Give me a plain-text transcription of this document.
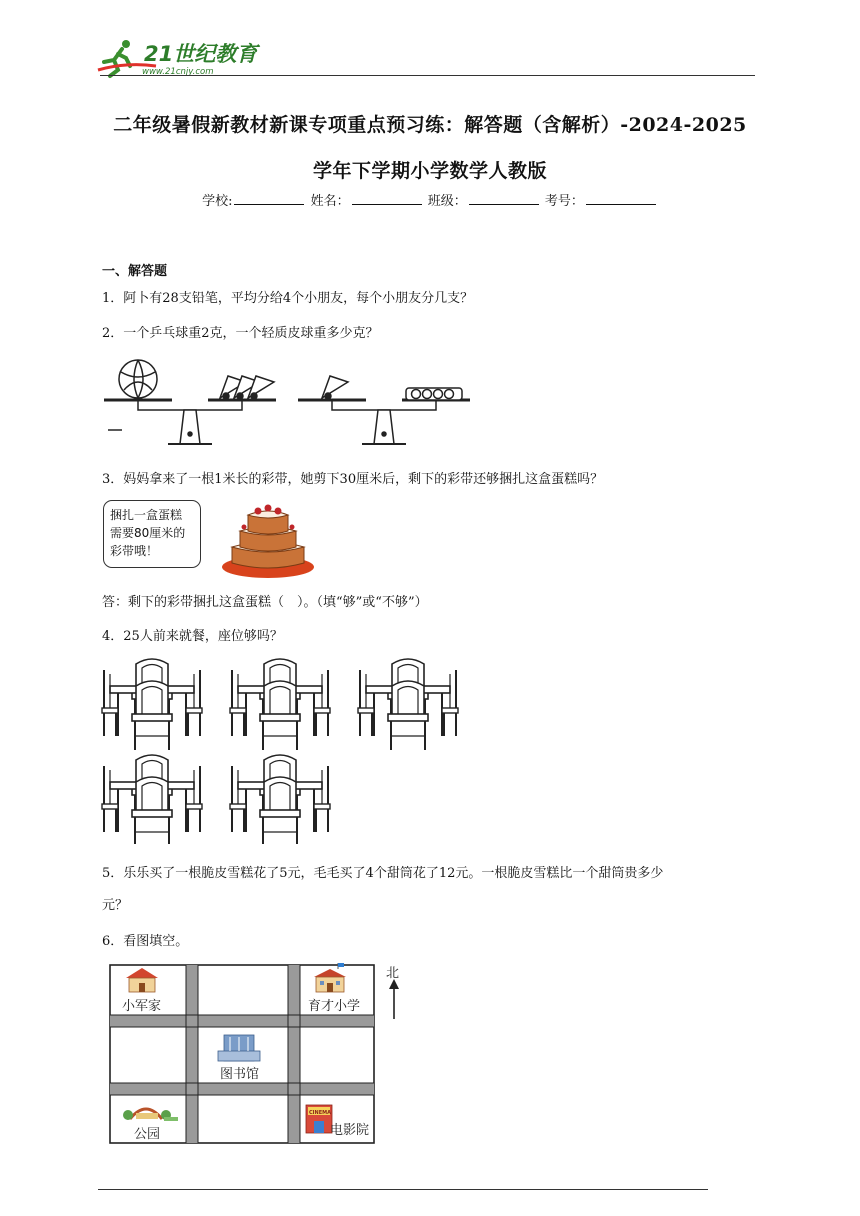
21世纪教育
www.21cnjy.com
二年级暑假新教材新课专项重点预习练：解答题（含解析）-2024-2025
学年下学期小学数学人教版
学校:	姓名：	班级：	考号：
一、解答题
1．阿卜有28支铅笔，平均分给4个小朋友，每个小朋友分几支？
2．一个乒乓球重2克，一个轻质皮球重多少克？
3．妈妈拿来了一根1米长的彩带，她剪下30厘米后，剩下的彩带还够捆扎这盒蛋糕吗？
捆扎一盒蛋糕
需要80厘米的
彩带哦！
答：剩下的彩带捆扎这盒蛋糕（　）。（填“够”或“不够”）
4．25人前来就餐，座位够吗？
5．乐乐买了一根脆皮雪糕花了5元，毛毛买了4个甜筒花了12元。一根脆皮雪糕比一个甜筒贵多少
元？
6．看图填空。
小军家	育才小学
图书馆
公园
CINEMA
电影院
北
